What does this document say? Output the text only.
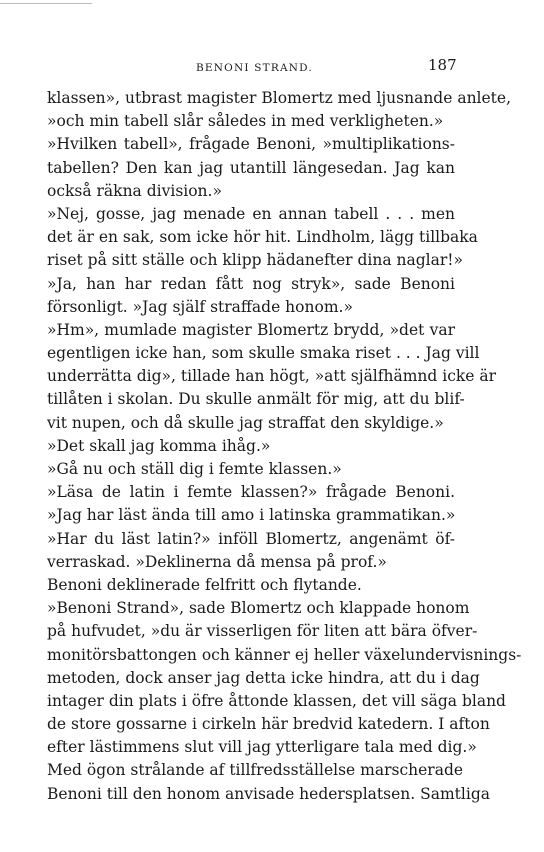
BENONI STRAND.	187
klassen», utbrast magister Blomertz med ljusnande anlete,
»och min tabell slår således in med verkligheten.»
»Hvilken tabell», frågade Benoni, »multiplikations-
tabellen? Den kan jag utantill längesedan. Jag kan
också räkna division.»
»Nej, gosse, jag menade en annan tabell . . . men
det är en sak, som icke hör hit. Lindholm, lägg tillbaka
riset på sitt ställe och klipp hädanefter dina naglar!»
»Ja, han har redan fått nog stryk», sade Benoni
försonligt. »Jag själf straffade honom.»
»Hm», mumlade magister Blomertz brydd, »det var
egentligen icke han, som skulle smaka riset . . . Jag vill
underrätta dig», tillade han högt, »att själfhämnd icke är
tillåten i skolan. Du skulle anmält för mig, att du blif-
vit nupen, och då skulle jag straffat den skyldige.»
»Det skall jag komma ihåg.»
»Gå nu och ställ dig i femte klassen.»
»Läsa de latin i femte klassen?» frågade Benoni.
»Jag har läst ända till amo i latinska grammatikan.»
»Har du läst latin?» inföll Blomertz, angenämt öf-
verraskad. »Deklinerna då mensa på prof.»
Benoni deklinerade felfritt och flytande.
»Benoni Strand», sade Blomertz och klappade honom
på hufvudet, »du är visserligen för liten att bära öfver-
monitörsbattongen och känner ej heller växelundervisnings-
metoden, dock anser jag detta icke hindra, att du i dag
intager din plats i öfre åttonde klassen, det vill säga bland
de store gossarne i cirkeln här bredvid katedern. I afton
efter lästimmens slut vill jag ytterligare tala med dig.»
Med ögon strålande af tillfredsställelse marscherade
Benoni till den honom anvisade hedersplatsen. Samtliga
